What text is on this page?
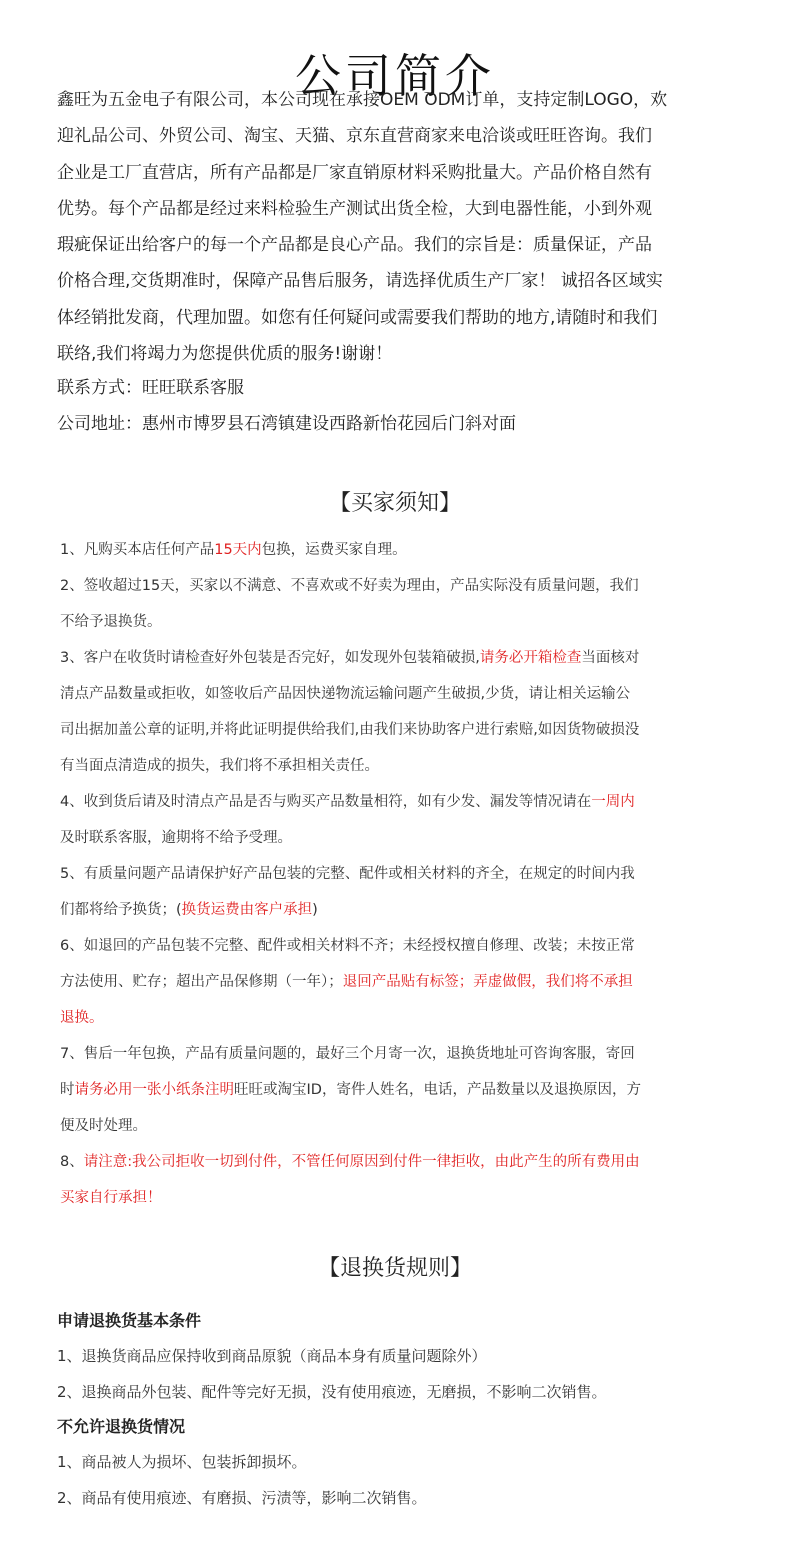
公司简介
鑫旺为五金电子有限公司，本公司现在承接OEM ODM订单，支持定制LOGO，欢
迎礼品公司、外贸公司、淘宝、天猫、京东直营商家来电洽谈或旺旺咨询。我们
企业是工厂直营店，所有产品都是厂家直销原材料采购批量大。产品价格自然有
优势。每个产品都是经过来料检验生产测试出货全检，大到电器性能，小到外观
瑕疵保证出给客户的每一个产品都是良心产品。我们的宗旨是：质量保证，产品
价格合理,交货期准时，保障产品售后服务，请选择优质生产厂家！ 诚招各区域实
体经销批发商，代理加盟。如您有任何疑问或需要我们帮助的地方,请随时和我们
联络,我们将竭力为您提供优质的服务!谢谢！
联系方式：旺旺联系客服
公司地址：惠州市博罗县石湾镇建设西路新怡花园后门斜对面
【买家须知】
1、凡购买本店任何产品15天内包换，运费买家自理。
2、签收超过15天，买家以不满意、不喜欢或不好卖为理由，产品实际没有质量问题，我们
不给予退换货。
3、客户在收货时请检查好外包装是否完好，如发现外包装箱破损,请务必开箱检查当面核对
清点产品数量或拒收，如签收后产品因快递物流运输问题产生破损,少货，请让相关运输公
司出据加盖公章的证明,并将此证明提供给我们,由我们来协助客户进行索赔,如因货物破损没
有当面点清造成的损失，我们将不承担相关责任。
4、收到货后请及时清点产品是否与购买产品数量相符，如有少发、漏发等情况请在一周内
及时联系客服，逾期将不给予受理。
5、有质量问题产品请保护好产品包装的完整、配件或相关材料的齐全，在规定的时间内我
们都将给予换货；(换货运费由客户承担)
6、如退回的产品包装不完整、配件或相关材料不齐；未经授权擅自修理、改装；未按正常
方法使用、贮存；超出产品保修期（一年）；退回产品贴有标签；弄虚做假，我们将不承担
退换。
7、售后一年包换，产品有质量问题的，最好三个月寄一次，退换货地址可咨询客服，寄回
时请务必用一张小纸条注明旺旺或淘宝ID，寄件人姓名，电话，产品数量以及退换原因，方
便及时处理。
8、请注意:我公司拒收一切到付件，不管任何原因到付件一律拒收，由此产生的所有费用由
买家自行承担！
【退换货规则】
申请退换货基本条件
1、退换货商品应保持收到商品原貌（商品本身有质量问题除外）
2、退换商品外包装、配件等完好无损，没有使用痕迹，无磨损，不影响二次销售。
不允许退换货情况
1、商品被人为损坏、包装拆卸损坏。
2、商品有使用痕迹、有磨损、污渍等，影响二次销售。
